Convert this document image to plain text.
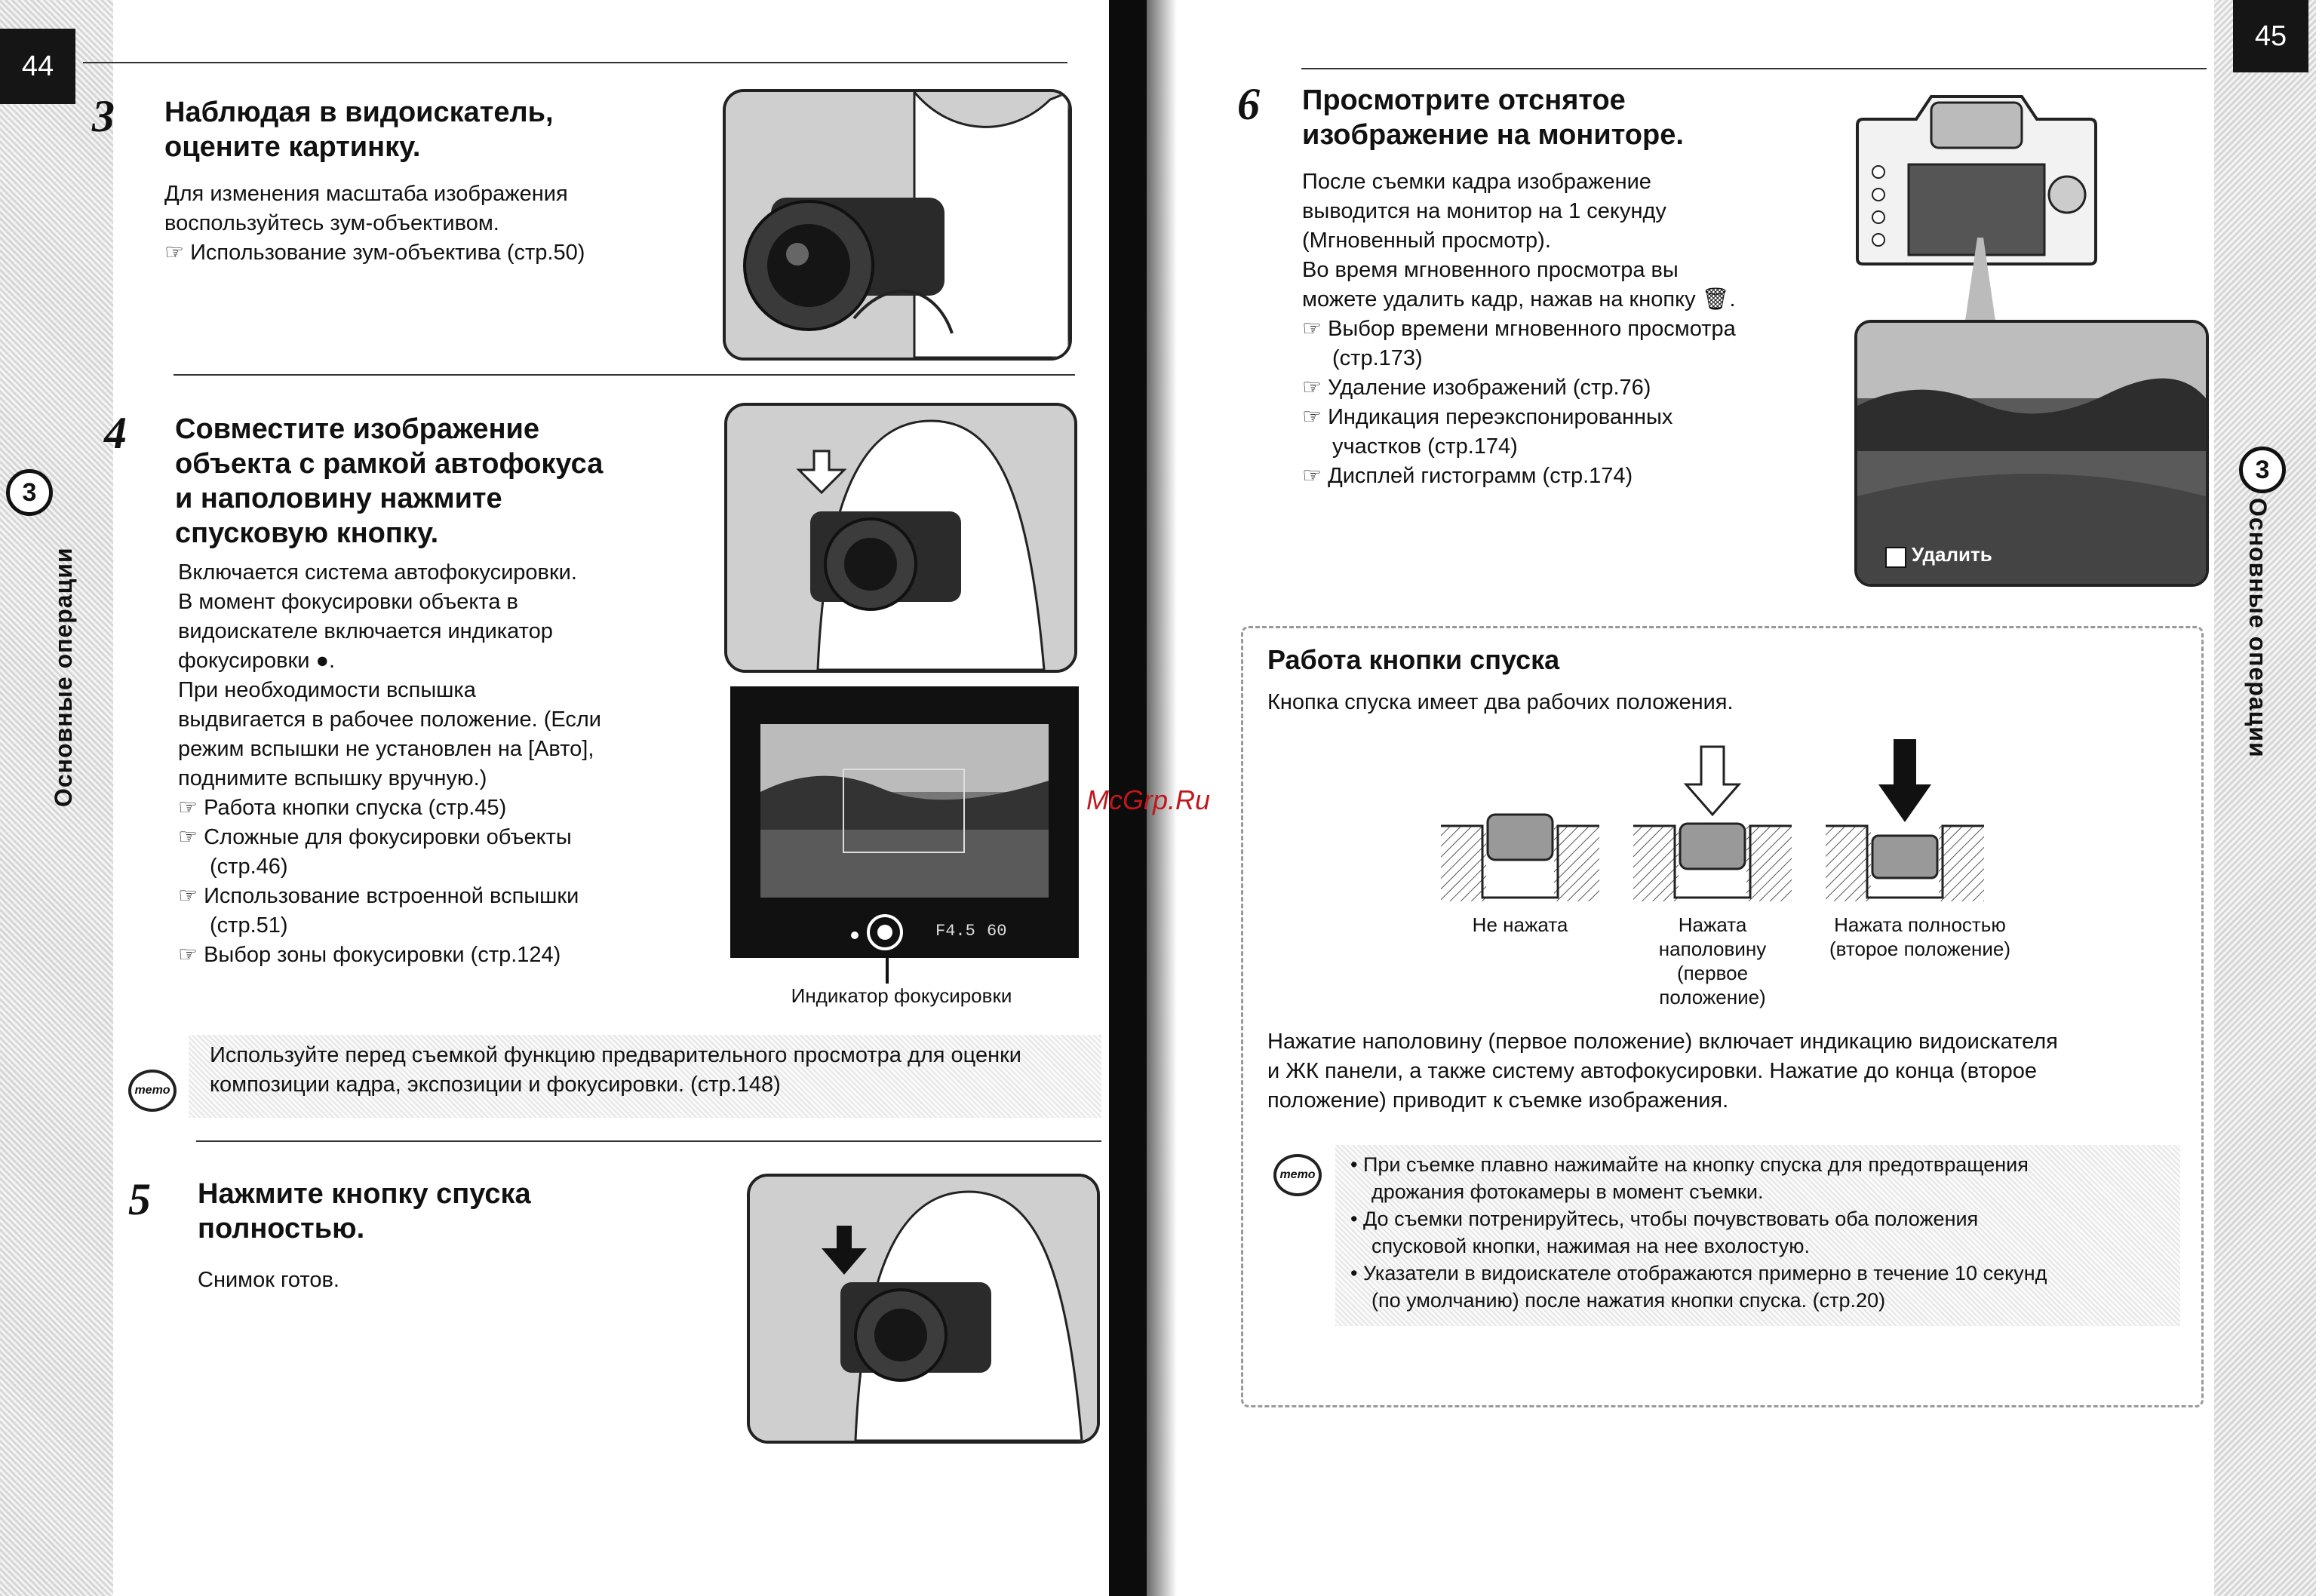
44
3
Основные операции
3 Наблюдая в видоискатель,
оцените картинку.
Для изменения масштаба изображения
воспользуйтесь зум-объективом.
☞ Использование зум-объектива (стр.50)
4 Совместите изображение
объекта с рамкой автофокуса
и наполовину нажмите
спусковую кнопку.
Включается система автофокусировки.
В момент фокусировки объекта в
видоискателе включается индикатор
фокусировки ●.
При необходимости вспышка
выдвигается в рабочее положение. (Если
режим вспышки не установлен на [Авто],
поднимите вспышку вручную.)
☞ Работа кнопки спуска (стр.45)
☞ Сложные для фокусировки объекты
(стр.46)
☞ Использование встроенной вспышки
(стр.51)
☞ Выбор зоны фокусировки (стр.124)
F4.5 60
Индикатор фокусировки
memo
Используйте перед съемкой функцию предварительного просмотра для оценки
композиции кадра, экспозиции и фокусировки. (стр.148)
5 Нажмите кнопку спуска
полностью.
Снимок готов.
45
3
Основные операции
6 Просмотрите отснятое
изображение на мониторе.
После съемки кадра изображение
выводится на монитор на 1 секунду
(Мгновенный просмотр).
Во время мгновенного просмотра вы
можете удалить кадр, нажав на кнопку 🗑.
☞ Выбор времени мгновенного просмотра
(стр.173)
☞ Удаление изображений (стр.76)
☞ Индикация переэкспонированных
участков (стр.174)
☞ Дисплей гистограмм (стр.174)
Удалить
Работа кнопки спуска
Кнопка спуска имеет два рабочих положения.
Не нажата	Нажата
наполовину
(первое
положение)
Нажата полностью
(второе положение)
Нажатие наполовину (первое положение) включает индикацию видоискателя
и ЖК панели, а также систему автофокусировки. Нажатие до конца (второе
положение) приводит к съемке изображения.
memo	• При съемке плавно нажимайте на кнопку спуска для предотвращения
дрожания фотокамеры в момент съемки.
• До съемки потренируйтесь, чтобы почувствовать оба положения
спусковой кнопки, нажимая на нее вхолостую.
• Указатели в видоискателе отображаются примерно в течение 10 секунд
(по умолчанию) после нажатия кнопки спуска. (стр.20)
McGrp.Ru
